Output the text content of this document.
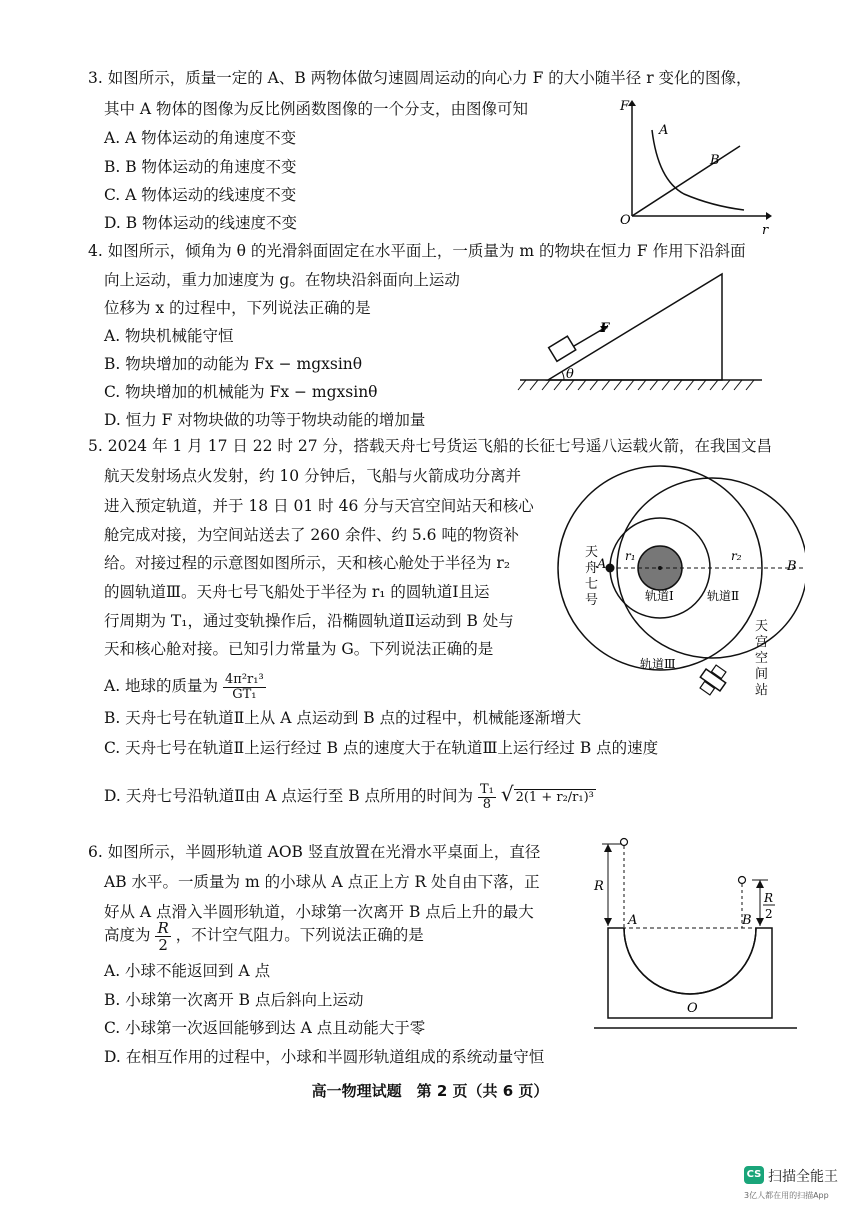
3. 如图所示，质量一定的 A、B 两物体做匀速圆周运动的向心力 F 的大小随半径 r 变化的图像，
其中 A 物体的图像为反比例函数图像的一个分支，由图像可知
A. A 物体运动的角速度不变
B. B 物体运动的角速度不变
C. A 物体运动的线速度不变
D. B 物体运动的线速度不变
F
r
O
A
B
4. 如图所示，倾角为 θ 的光滑斜面固定在水平面上，一质量为 m 的物块在恒力 F 作用下沿斜面
向上运动，重力加速度为 g。在物块沿斜面向上运动
位移为 x 的过程中，下列说法正确的是
A. 物块机械能守恒
B. 物块增加的动能为 Fx − mgxsinθ
C. 物块增加的机械能为 Fx − mgxsinθ
D. 恒力 F 对物块做的功等于物块动能的增加量
F
θ
5. 2024 年 1 月 17 日 22 时 27 分，搭载天舟七号货运飞船的长征七号遥八运载火箭，在我国文昌
航天发射场点火发射，约 10 分钟后，飞船与火箭成功分离并
进入预定轨道，并于 18 日 01 时 46 分与天宫空间站天和核心
舱完成对接，为空间站送去了 260 余件、约 5.6 吨的物资补
给。对接过程的示意图如图所示，天和核心舱处于半径为 r₂
的圆轨道Ⅲ。天舟七号飞船处于半径为 r₁ 的圆轨道Ⅰ且运
行周期为 T₁，通过变轨操作后，沿椭圆轨道Ⅱ运动到 B 处与
天和核心舱对接。已知引力常量为 G。下列说法正确的是
A. 地球的质量为 $\frac{\text{4π²r₁³}}{\text{GT₁}}$
B. 天舟七号在轨道Ⅱ上从 A 点运动到 B 点的过程中，机械能逐渐增大
C. 天舟七号在轨道Ⅱ上运行经过 B 点的速度大于在轨道Ⅲ上运行经过 B 点的速度
D. 天舟七号沿轨道Ⅱ由 A 点运行至 B 点所用的时间为 $\frac{\text{T₁}}{8}$ √ 2(1 + r₂/r₁)³
天舟七号
A	B
r₁	r₂
轨道Ⅰ	轨道Ⅱ
轨道Ⅲ
天宫空间站
6. 如图所示，半圆形轨道 AOB 竖直放置在光滑水平桌面上，直径
AB 水平。一质量为 m 的小球从 A 点正上方 R 处自由下落，正
好从 A 点滑入半圆形轨道，小球第一次离开 B 点后上升的最大
高度为 $\frac{R}{2}$ ，不计空气阻力。下列说法正确的是
A. 小球不能返回到 A 点
B. 小球第一次离开 B 点后斜向上运动
C. 小球第一次返回能够到达 A 点且动能大于零
D. 在相互作用的过程中，小球和半圆形轨道组成的系统动量守恒
R
R
2
A	B
O
高一物理试题　第 2 页（共 6 页）
CS 扫描全能王
3亿人都在用的扫描App
